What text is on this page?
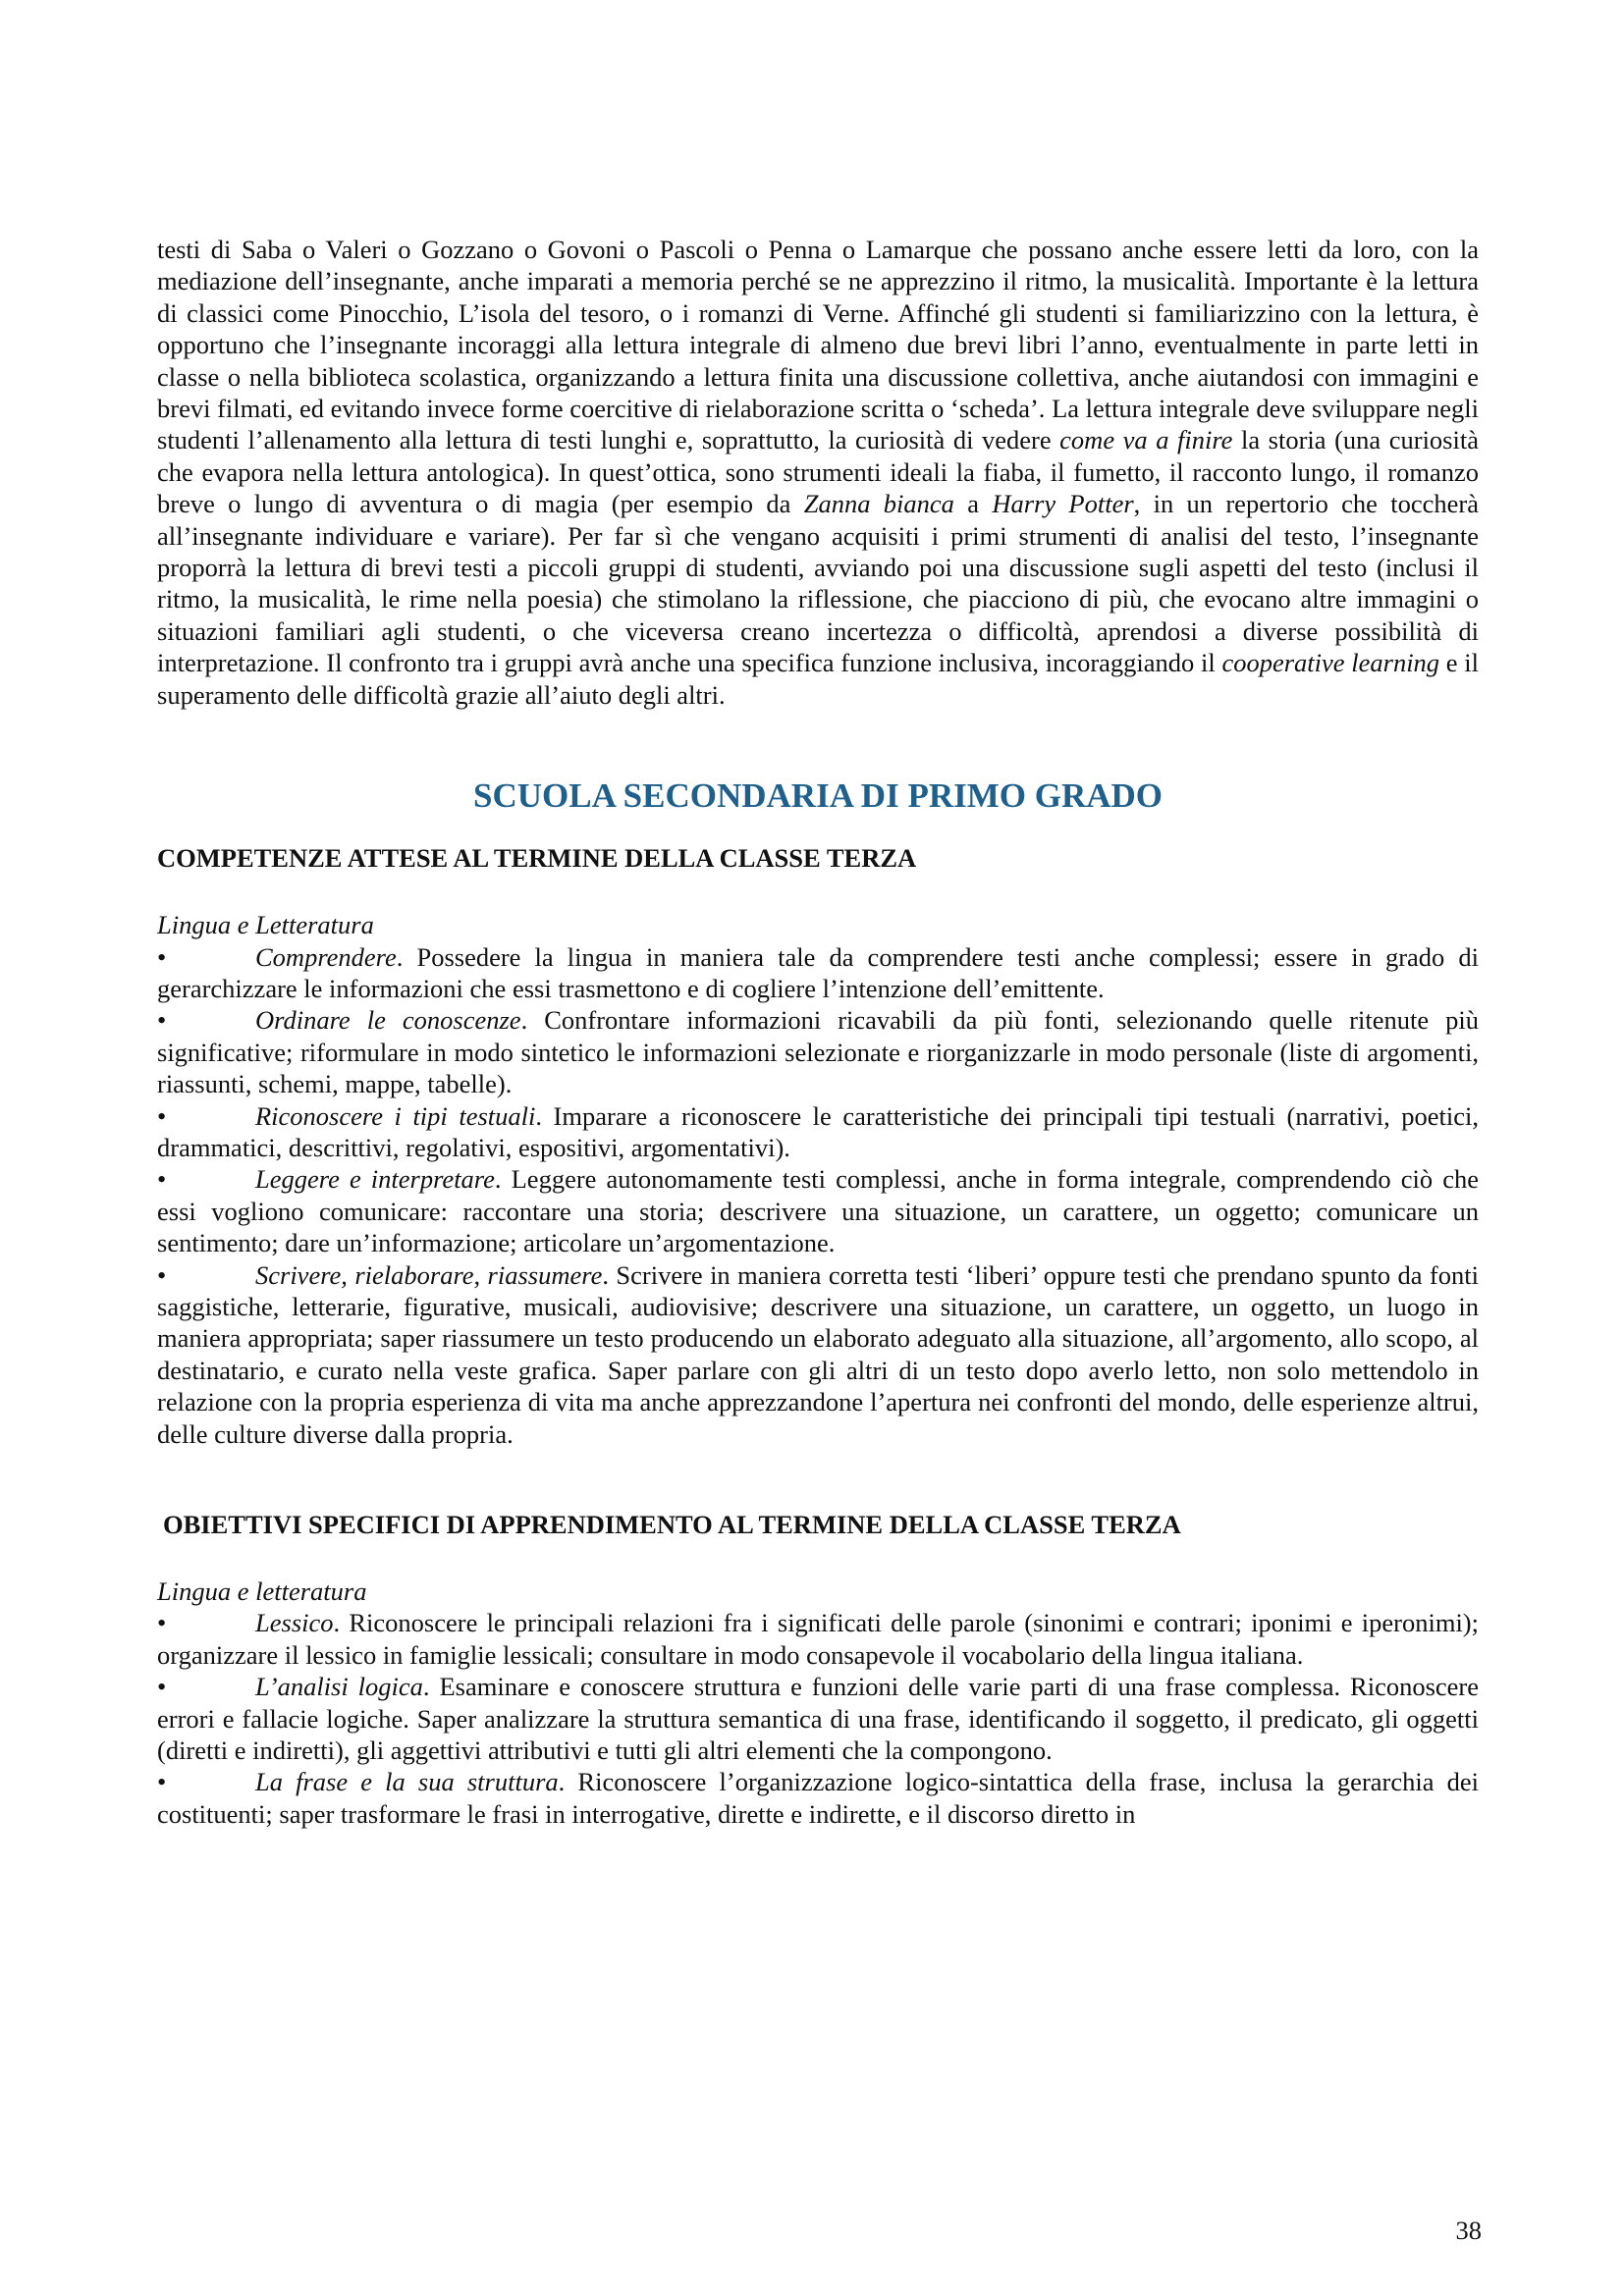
testi di Saba o Valeri o Gozzano o Govoni o Pascoli o Penna o Lamarque che possano anche essere letti da loro, con la mediazione dell’insegnante, anche imparati a memoria perché se ne apprezzino il ritmo, la musicalità. Importante è la lettura di classici come Pinocchio, L’isola del tesoro, o i romanzi di Verne. Affinché gli studenti si familiarizzino con la lettura, è opportuno che l’insegnante incoraggi alla lettura integrale di almeno due brevi libri l’anno, eventualmente in parte letti in classe o nella biblioteca scolastica, organizzando a lettura finita una discussione collettiva, anche aiutandosi con immagini e brevi filmati, ed evitando invece forme coercitive di rielaborazione scritta o ‘scheda’. La lettura integrale deve sviluppare negli studenti l’allenamento alla lettura di testi lunghi e, soprattutto, la curiosità di vedere come va a finire la storia (una curiosità che evapora nella lettura antologica). In quest’ottica, sono strumenti ideali la fiaba, il fumetto, il racconto lungo, il romanzo breve o lungo di avventura o di magia (per esempio da Zanna bianca a Harry Potter, in un repertorio che toccherà all’insegnante individuare e variare). Per far sì che vengano acquisiti i primi strumenti di analisi del testo, l’insegnante proporrà la lettura di brevi testi a piccoli gruppi di studenti, avviando poi una discussione sugli aspetti del testo (inclusi il ritmo, la musicalità, le rime nella poesia) che stimolano la riflessione, che piacciono di più, che evocano altre immagini o situazioni familiari agli studenti, o che viceversa creano incertezza o difficoltà, aprendosi a diverse possibilità di interpretazione. Il confronto tra i gruppi avrà anche una specifica funzione inclusiva, incoraggiando il cooperative learning e il superamento delle difficoltà grazie all’aiuto degli altri.

SCUOLA SECONDARIA DI PRIMO GRADO
COMPETENZE ATTESE AL TERMINE DELLA CLASSE TERZA
Lingua e Letteratura

•	Comprendere. Possedere la lingua in maniera tale da comprendere testi anche complessi; essere in grado di gerarchizzare le informazioni che essi trasmettono e di cogliere l’intenzione dell’emittente.

•	Ordinare le conoscenze. Confrontare informazioni ricavabili da più fonti, selezionando quelle ritenute più significative; riformulare in modo sintetico le informazioni selezionate e riorganizzarle in modo personale (liste di argomenti, riassunti, schemi, mappe, tabelle).

•	Riconoscere i tipi testuali. Imparare a riconoscere le caratteristiche dei principali tipi testuali (narrativi, poetici, drammatici, descrittivi, regolativi, espositivi, argomentativi).

•	Leggere e interpretare. Leggere autonomamente testi complessi, anche in forma integrale, comprendendo ciò che essi vogliono comunicare: raccontare una storia; descrivere una situazione, un carattere, un oggetto; comunicare un sentimento; dare un’informazione; articolare un’argomentazione.

•	Scrivere, rielaborare, riassumere. Scrivere in maniera corretta testi ‘liberi’ oppure testi che prendano spunto da fonti saggistiche, letterarie, figurative, musicali, audiovisive; descrivere una situazione, un carattere, un oggetto, un luogo in maniera appropriata; saper riassumere un testo producendo un elaborato adeguato alla situazione, all’argomento, allo scopo, al destinatario, e curato nella veste grafica. Saper parlare con gli altri di un testo dopo averlo letto, non solo mettendolo in relazione con la propria esperienza di vita ma anche apprezzandone l’apertura nei confronti del mondo, delle esperienze altrui, delle culture diverse dalla propria.

OBIETTIVI SPECIFICI DI APPRENDIMENTO AL TERMINE DELLA CLASSE TERZA
Lingua e letteratura

•	Lessico. Riconoscere le principali relazioni fra i significati delle parole (sinonimi e contrari; iponimi e iperonimi); organizzare il lessico in famiglie lessicali; consultare in modo consapevole il vocabolario della lingua italiana.

•	L’analisi logica. Esaminare e conoscere struttura e funzioni delle varie parti di una frase complessa. Riconoscere errori e fallacie logiche. Saper analizzare la struttura semantica di una frase, identificando il soggetto, il predicato, gli oggetti (diretti e indiretti), gli aggettivi attributivi e tutti gli altri elementi che la compongono.

•	La frase e la sua struttura. Riconoscere l’organizzazione logico-sintattica della frase, inclusa la gerarchia dei costituenti; saper trasformare le frasi in interrogative, dirette e indirette, e il discorso diretto in

38
